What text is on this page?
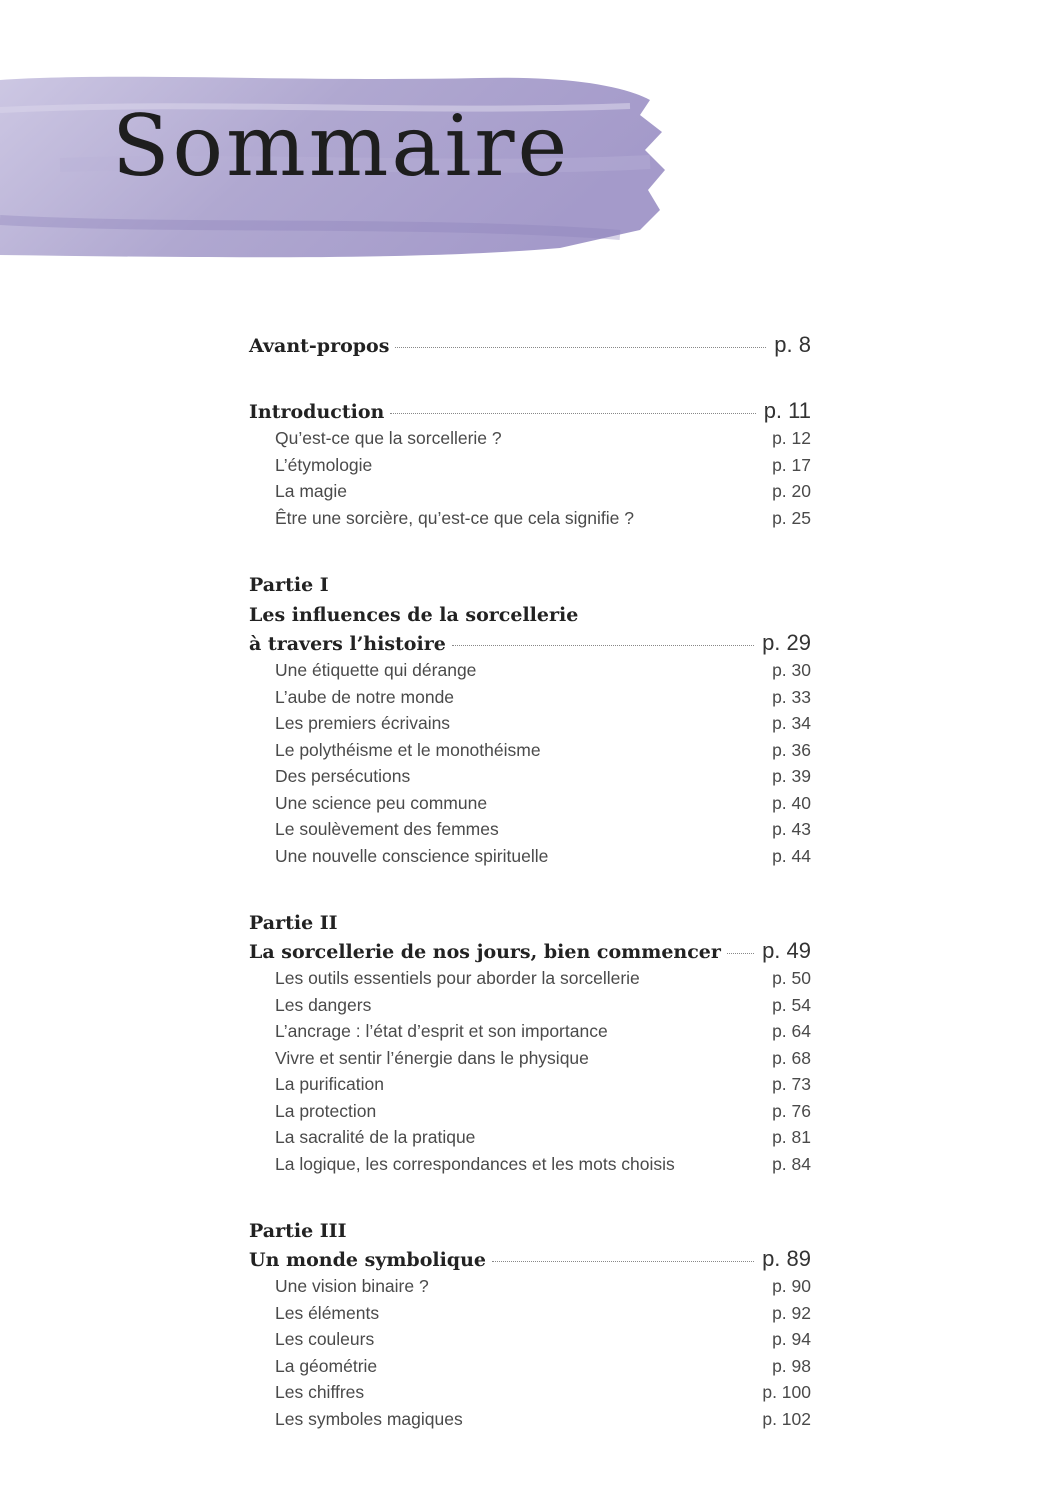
Sommaire
Avant-propos	p. 8
Introduction	p. 11
Qu’est-ce que la sorcellerie ?	p. 12
L’étymologie	p. 17
La magie	p. 20
Être une sorcière, qu’est-ce que cela signifie ?	p. 25
Partie I
Les influences de la sorcellerie
à travers l’histoire	p. 29
Une étiquette qui dérange	p. 30
L’aube de notre monde	p. 33
Les premiers écrivains	p. 34
Le polythéisme et le monothéisme	p. 36
Des persécutions	p. 39
Une science peu commune	p. 40
Le soulèvement des femmes	p. 43
Une nouvelle conscience spirituelle	p. 44
Partie II
La sorcellerie de nos jours, bien commencer p. 49
Les outils essentiels pour aborder la sorcellerie	p. 50
Les dangers	p. 54
L’ancrage : l’état d’esprit et son importance	p. 64
Vivre et sentir l’énergie dans le physique	p. 68
La purification	p. 73
La protection	p. 76
La sacralité de la pratique	p. 81
La logique, les correspondances et les mots choisis	p. 84
Partie III
Un monde symbolique	p. 89
Une vision binaire ?	p. 90
Les éléments	p. 92
Les couleurs	p. 94
La géométrie	p. 98
Les chiffres	p. 100
Les symboles magiques	p. 102
